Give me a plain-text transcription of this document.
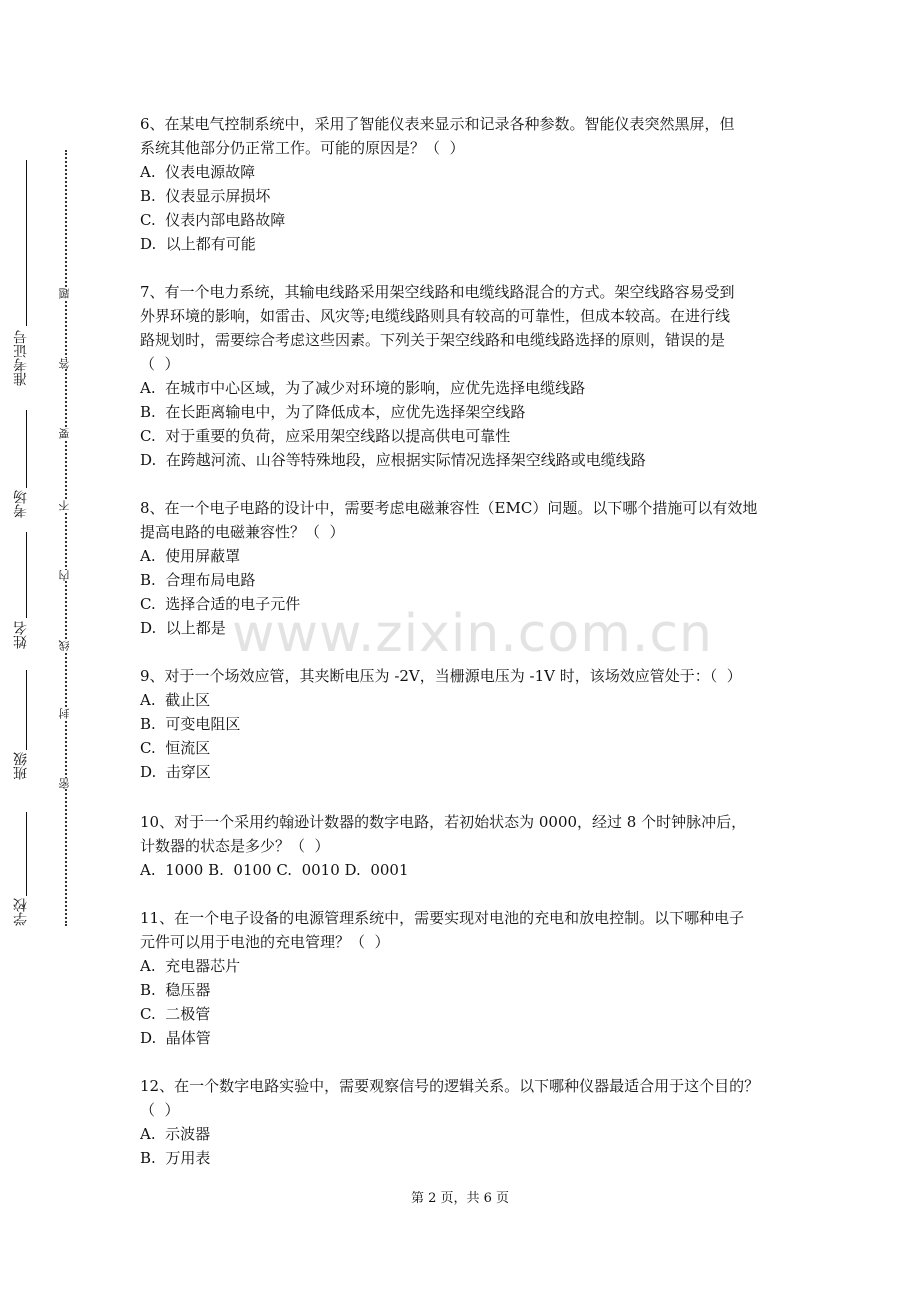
学校
班级
姓名
考场
准考证号
密
封
线
内
不
要
答
题
www.zixin.com.cn
6、在某电气控制系统中，采用了智能仪表来显示和记录各种参数。智能仪表突然黑屏，但
系统其他部分仍正常工作。可能的原因是？（  ）
A.  仪表电源故障
B.  仪表显示屏损坏
C.  仪表内部电路故障
D.  以上都有可能
7、有一个电力系统，其输电线路采用架空线路和电缆线路混合的方式。架空线路容易受到
外界环境的影响，如雷击、风灾等;电缆线路则具有较高的可靠性，但成本较高。在进行线
路规划时，需要综合考虑这些因素。下列关于架空线路和电缆线路选择的原则，错误的是
（  ）
A.  在城市中心区域，为了减少对环境的影响，应优先选择电缆线路
B.  在长距离输电中，为了降低成本，应优先选择架空线路
C.  对于重要的负荷，应采用架空线路以提高供电可靠性
D.  在跨越河流、山谷等特殊地段，应根据实际情况选择架空线路或电缆线路
8、在一个电子电路的设计中，需要考虑电磁兼容性（EMC）问题。以下哪个措施可以有效地
提高电路的电磁兼容性？（  ）
A.  使用屏蔽罩
B.  合理布局电路
C.  选择合适的电子元件
D.  以上都是
9、对于一个场效应管，其夹断电压为 -2V，当栅源电压为 -1V 时，该场效应管处于：（  ）
A.  截止区
B.  可变电阻区
C.  恒流区
D.  击穿区
10、对于一个采用约翰逊计数器的数字电路，若初始状态为 0000，经过 8 个时钟脉冲后，
计数器的状态是多少？（  ）
A.  1000 B.  0100 C.  0010 D.  0001
11、在一个电子设备的电源管理系统中，需要实现对电池的充电和放电控制。以下哪种电子
元件可以用于电池的充电管理？（  ）
A.  充电器芯片
B.  稳压器
C.  二极管
D.  晶体管
12、在一个数字电路实验中，需要观察信号的逻辑关系。以下哪种仪器最适合用于这个目的？
（  ）
A.  示波器
B.  万用表
第 2 页，共 6 页
